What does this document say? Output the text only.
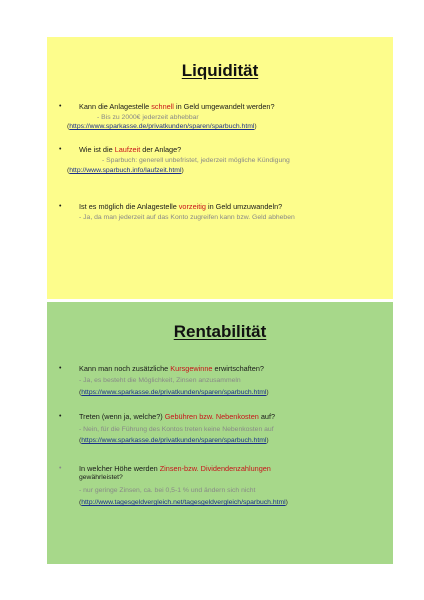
Liquidität
• Kann die Anlagestelle schnell in Geld umgewandelt werden?
- Bis zu 2000€ jederzeit abhebbar
(https://www.sparkasse.de/privatkunden/sparen/sparbuch.html)
• Wie ist die Laufzeit der Anlage?
- Sparbuch: generell unbefristet, jederzeit mögliche Kündigung
(http://www.sparbuch.info/laufzeit.html)
• Ist es möglich die Anlagestelle vorzeitig in Geld umzuwandeln?
- Ja, da man jederzeit auf das Konto zugreifen kann bzw. Geld abheben
Rentabilität
• Kann man noch zusätzliche Kursgewinne erwirtschaften?
- Ja, es besteht die Möglichkeit, Zinsen anzusammeln
(https://www.sparkasse.de/privatkunden/sparen/sparbuch.html)
• Treten (wenn ja, welche?) Gebühren bzw. Nebenkosten auf?
- Nein, für die Führung des Kontos treten keine Nebenkosten auf
(https://www.sparkasse.de/privatkunden/sparen/sparbuch.html)
• In welcher Höhe werden Zinsen-bzw. Dividendenzahlungen
gewährleistet?
- nur geringe Zinsen, ca. bei 0,5-1 % und ändern sich nicht
(http://www.tagesgeldvergleich.net/tagesgeldvergleich/sparbuch.html)
